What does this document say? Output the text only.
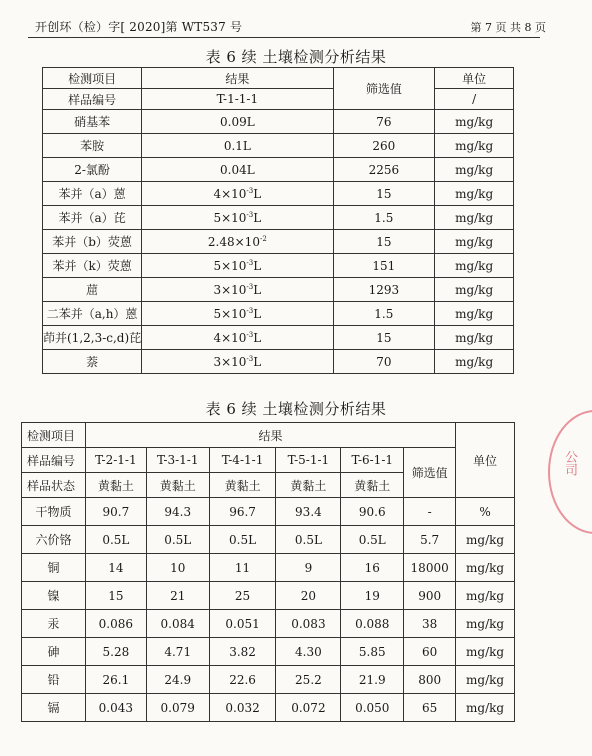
开创环（检）字[ 2020]第 WT537 号	第 7 页 共 8 页
表 6 续 土壤检测分析结果
检测项目	结果	筛选值	单位
样品编号	T-1-1-1		/
硝基苯	0.09L	76	mg/kg
苯胺	0.1L	260	mg/kg
2-氯酚	0.04L	2256	mg/kg
苯并（a）蒽	$4\times 10^{-3}L$	15	mg/kg
苯并（a）芘	$5\times 10^{-3}L$	1.5	mg/kg
苯并（b）荧蒽	$2.48\times 10^{-2}$	15	mg/kg
苯并（k）荧蒽	$5\times 10^{-3}L$	151	mg/kg
䓛	$3\times 10^{-3}L$	1293	mg/kg
二苯并（a,h）蒽	$5\times 10^{-3}L$	1.5	mg/kg
茚并(1,2,3-c,d)芘	$4\times 10^{-3}L$	15	mg/kg
萘	$3\times 10^{-3}L$	70	mg/kg
表 6 续 土壤检测分析结果
检测项目	结果						单位
样品编号	T-2-1-1	T-3-1-1	T-4-1-1	T-5-1-1	T-6-1-1	筛选值	
样品状态	黄黏土	黄黏土	黄黏土	黄黏土	黄黏土		
干物质	90.7	94.3	96.7	93.4	90.6	-	%
六价铬	0.5L	0.5L	0.5L	0.5L	0.5L	5.7	mg/kg
铜	14	10	11	9	16	18000	mg/kg
镍	15	21	25	20	19	900	mg/kg
汞	0.086	0.084	0.051	0.083	0.088	38	mg/kg
砷	5.28	4.71	3.82	4.30	5.85	60	mg/kg
铅	26.1	24.9	22.6	25.2	21.9	800	mg/kg
镉	0.043	0.079	0.032	0.072	0.050	65	mg/kg
公司
